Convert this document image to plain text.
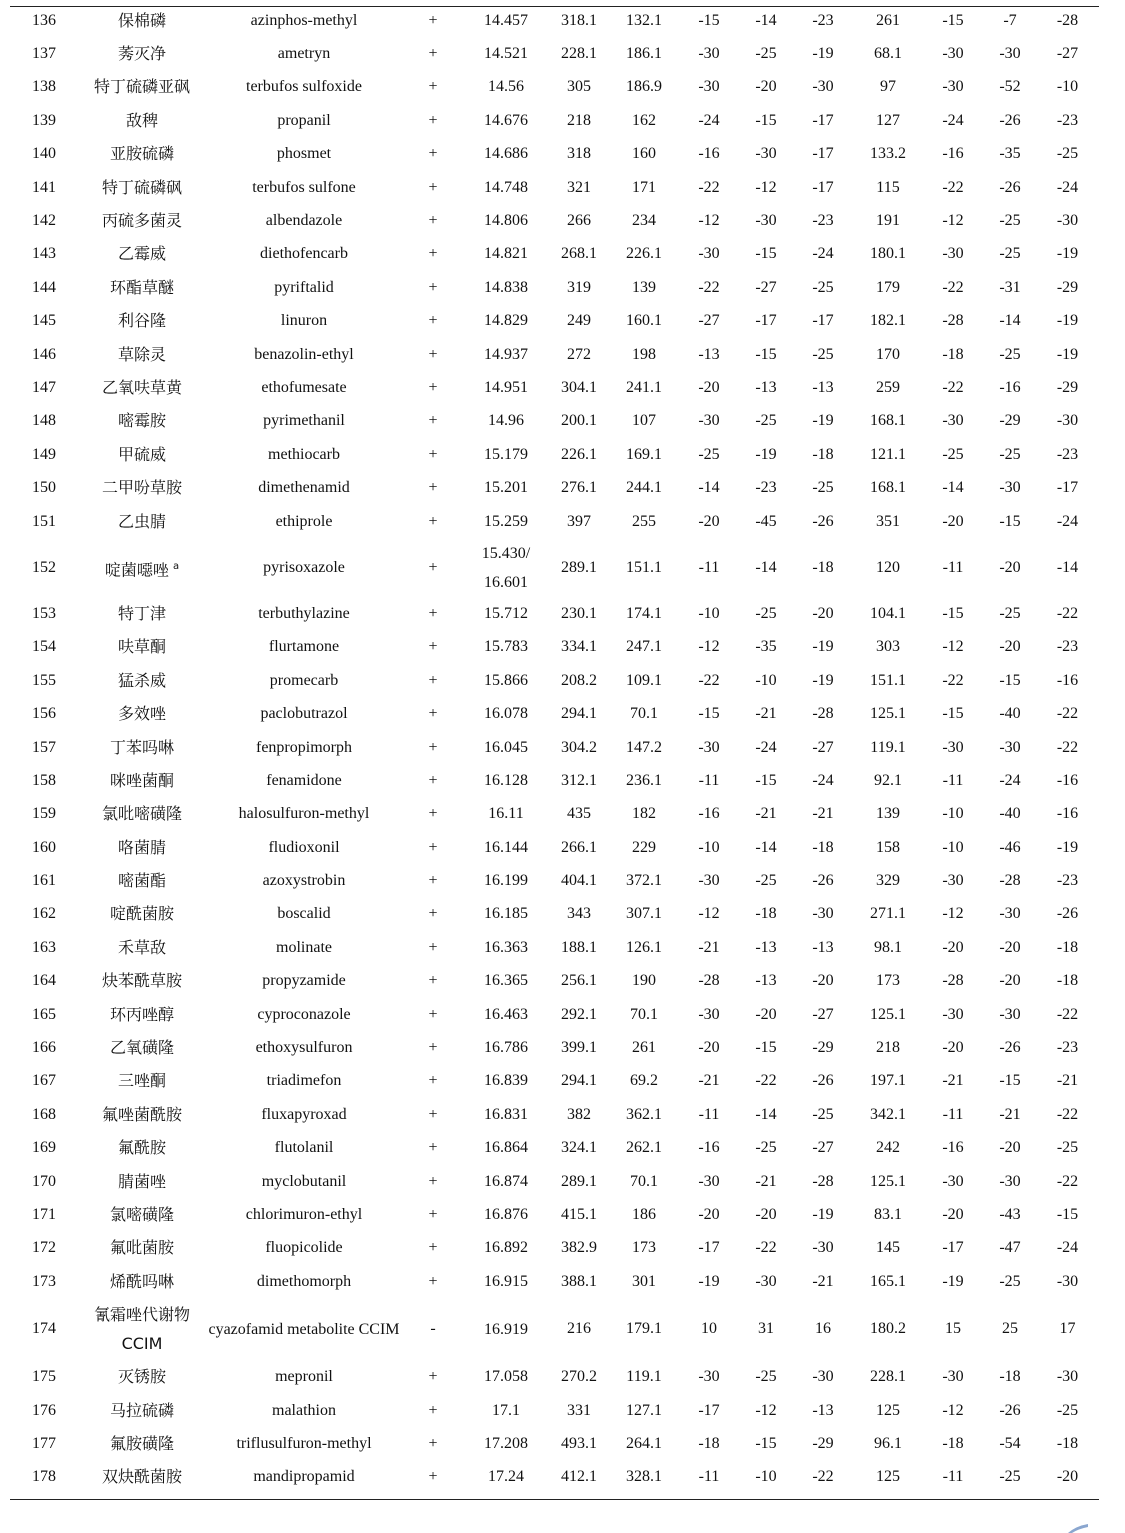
136	保棉磷	azinphos-methyl	+	14.457	318.1	132.1	-15	-14	-23	261	-15	-7	-28
137	莠灭净	ametryn	+	14.521	228.1	186.1	-30	-25	-19	68.1	-30	-30	-27
138	特丁硫磷亚砜	terbufos sulfoxide	+	14.56	305	186.9	-30	-20	-30	97	-30	-52	-10
139	敌稗	propanil	+	14.676	218	162	-24	-15	-17	127	-24	-26	-23
140	亚胺硫磷	phosmet	+	14.686	318	160	-16	-30	-17	133.2	-16	-35	-25
141	特丁硫磷砜	terbufos sulfone	+	14.748	321	171	-22	-12	-17	115	-22	-26	-24
142	丙硫多菌灵	albendazole	+	14.806	266	234	-12	-30	-23	191	-12	-25	-30
143	乙霉威	diethofencarb	+	14.821	268.1	226.1	-30	-15	-24	180.1	-30	-25	-19
144	环酯草醚	pyriftalid	+	14.838	319	139	-22	-27	-25	179	-22	-31	-29
145	利谷隆	linuron	+	14.829	249	160.1	-27	-17	-17	182.1	-28	-14	-19
146	草除灵	benazolin-ethyl	+	14.937	272	198	-13	-15	-25	170	-18	-25	-19
147	乙氧呋草黄	ethofumesate	+	14.951	304.1	241.1	-20	-13	-13	259	-22	-16	-29
148	嘧霉胺	pyrimethanil	+	14.96	200.1	107	-30	-25	-19	168.1	-30	-29	-30
149	甲硫威	methiocarb	+	15.179	226.1	169.1	-25	-19	-18	121.1	-25	-25	-23
150	二甲吩草胺	dimethenamid	+	15.201	276.1	244.1	-14	-23	-25	168.1	-14	-30	-17
151	乙虫腈	ethiprole	+	15.259	397	255	-20	-45	-26	351	-20	-15	-24
152	啶菌噁唑 $^a$	pyrisoxazole	+	15.430/ 16.601	289.1	151.1	-11	-14	-18	120	-11	-20	-14
153	特丁津	terbuthylazine	+	15.712	230.1	174.1	-10	-25	-20	104.1	-15	-25	-22
154	呋草酮	flurtamone	+	15.783	334.1	247.1	-12	-35	-19	303	-12	-20	-23
155	猛杀威	promecarb	+	15.866	208.2	109.1	-22	-10	-19	151.1	-22	-15	-16
156	多效唑	paclobutrazol	+	16.078	294.1	70.1	-15	-21	-28	125.1	-15	-40	-22
157	丁苯吗啉	fenpropimorph	+	16.045	304.2	147.2	-30	-24	-27	119.1	-30	-30	-22
158	咪唑菌酮	fenamidone	+	16.128	312.1	236.1	-11	-15	-24	92.1	-11	-24	-16
159	氯吡嘧磺隆	halosulfuron-methyl	+	16.11	435	182	-16	-21	-21	139	-10	-40	-16
160	咯菌腈	fludioxonil	+	16.144	266.1	229	-10	-14	-18	158	-10	-46	-19
161	嘧菌酯	azoxystrobin	+	16.199	404.1	372.1	-30	-25	-26	329	-30	-28	-23
162	啶酰菌胺	boscalid	+	16.185	343	307.1	-12	-18	-30	271.1	-12	-30	-26
163	禾草敌	molinate	+	16.363	188.1	126.1	-21	-13	-13	98.1	-20	-20	-18
164	炔苯酰草胺	propyzamide	+	16.365	256.1	190	-28	-13	-20	173	-28	-20	-18
165	环丙唑醇	cyproconazole	+	16.463	292.1	70.1	-30	-20	-27	125.1	-30	-30	-22
166	乙氧磺隆	ethoxysulfuron	+	16.786	399.1	261	-20	-15	-29	218	-20	-26	-23
167	三唑酮	triadimefon	+	16.839	294.1	69.2	-21	-22	-26	197.1	-21	-15	-21
168	氟唑菌酰胺	fluxapyroxad	+	16.831	382	362.1	-11	-14	-25	342.1	-11	-21	-22
169	氟酰胺	flutolanil	+	16.864	324.1	262.1	-16	-25	-27	242	-16	-20	-25
170	腈菌唑	myclobutanil	+	16.874	289.1	70.1	-30	-21	-28	125.1	-30	-30	-22
171	氯嘧磺隆	chlorimuron-ethyl	+	16.876	415.1	186	-20	-20	-19	83.1	-20	-43	-15
172	氟吡菌胺	fluopicolide	+	16.892	382.9	173	-17	-22	-30	145	-17	-47	-24
173	烯酰吗啉	dimethomorph	+	16.915	388.1	301	-19	-30	-21	165.1	-19	-25	-30
174	氰霜唑代谢物 CCIM	cyazofamid metabolite CCIM	-	16.919	216	179.1	10	31	16	180.2	15	25	17
175	灭锈胺	mepronil	+	17.058	270.2	119.1	-30	-25	-30	228.1	-30	-18	-30
176	马拉硫磷	malathion	+	17.1	331	127.1	-17	-12	-13	125	-12	-26	-25
177	氟胺磺隆	triflusulfuron-methyl	+	17.208	493.1	264.1	-18	-15	-29	96.1	-18	-54	-18
178	双炔酰菌胺	mandipropamid	+	17.24	412.1	328.1	-11	-10	-22	125	-11	-25	-20
